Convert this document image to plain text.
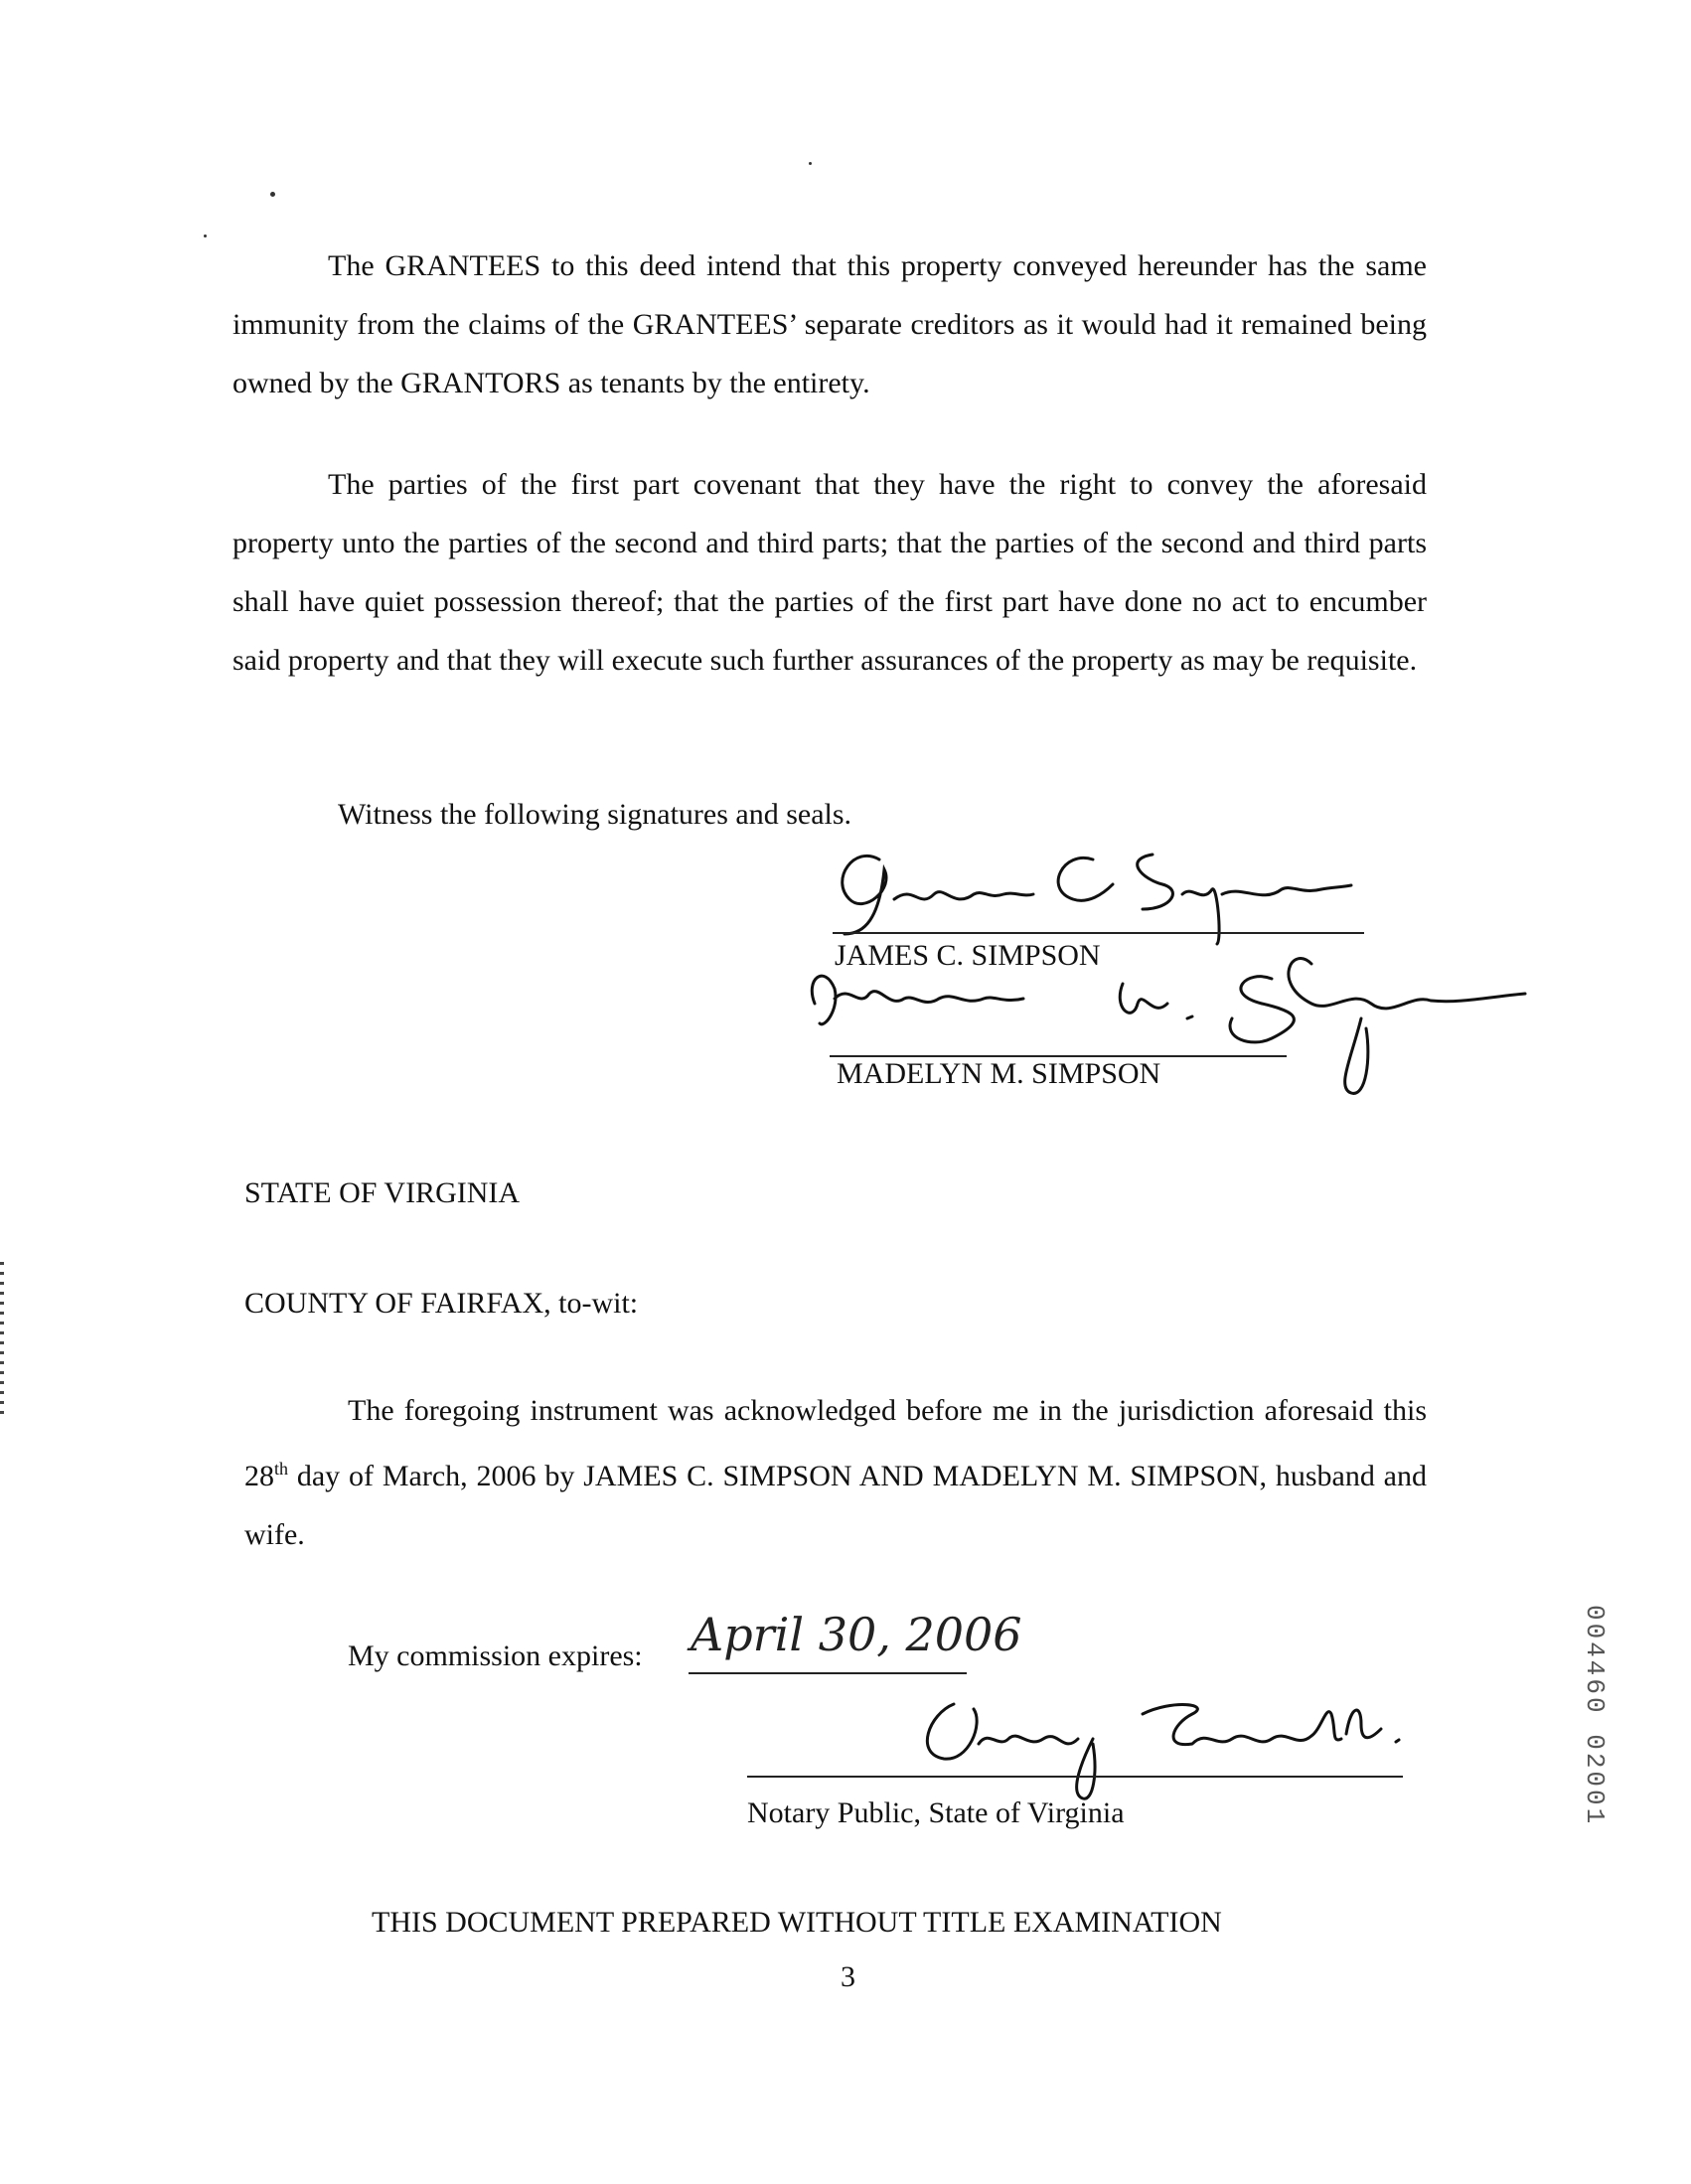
The GRANTEES to this deed intend that this property conveyed hereunder has the same immunity from the claims of the GRANTEES’ separate creditors as it would had it remained being owned by the GRANTORS as tenants by the entirety.
The parties of the first part covenant that they have the right to convey the aforesaid property unto the parties of the second and third parts; that the parties of the second and third parts shall have quiet possession thereof; that the parties of the first part have done no act to encumber said property and that they will execute such further assurances of the property as may be requisite.
Witness the following signatures and seals.
JAMES C. SIMPSON
MADELYN M. SIMPSON
STATE OF VIRGINIA
COUNTY OF FAIRFAX, to-wit:
The foregoing instrument was acknowledged before me in the jurisdiction aforesaid this 28th day of March, 2006 by JAMES C. SIMPSON AND MADELYN M. SIMPSON, husband and wife.
My commission expires: April 30, 2006
Notary Public, State of Virginia
THIS DOCUMENT PREPARED WITHOUT TITLE EXAMINATION
3
004460 02001
